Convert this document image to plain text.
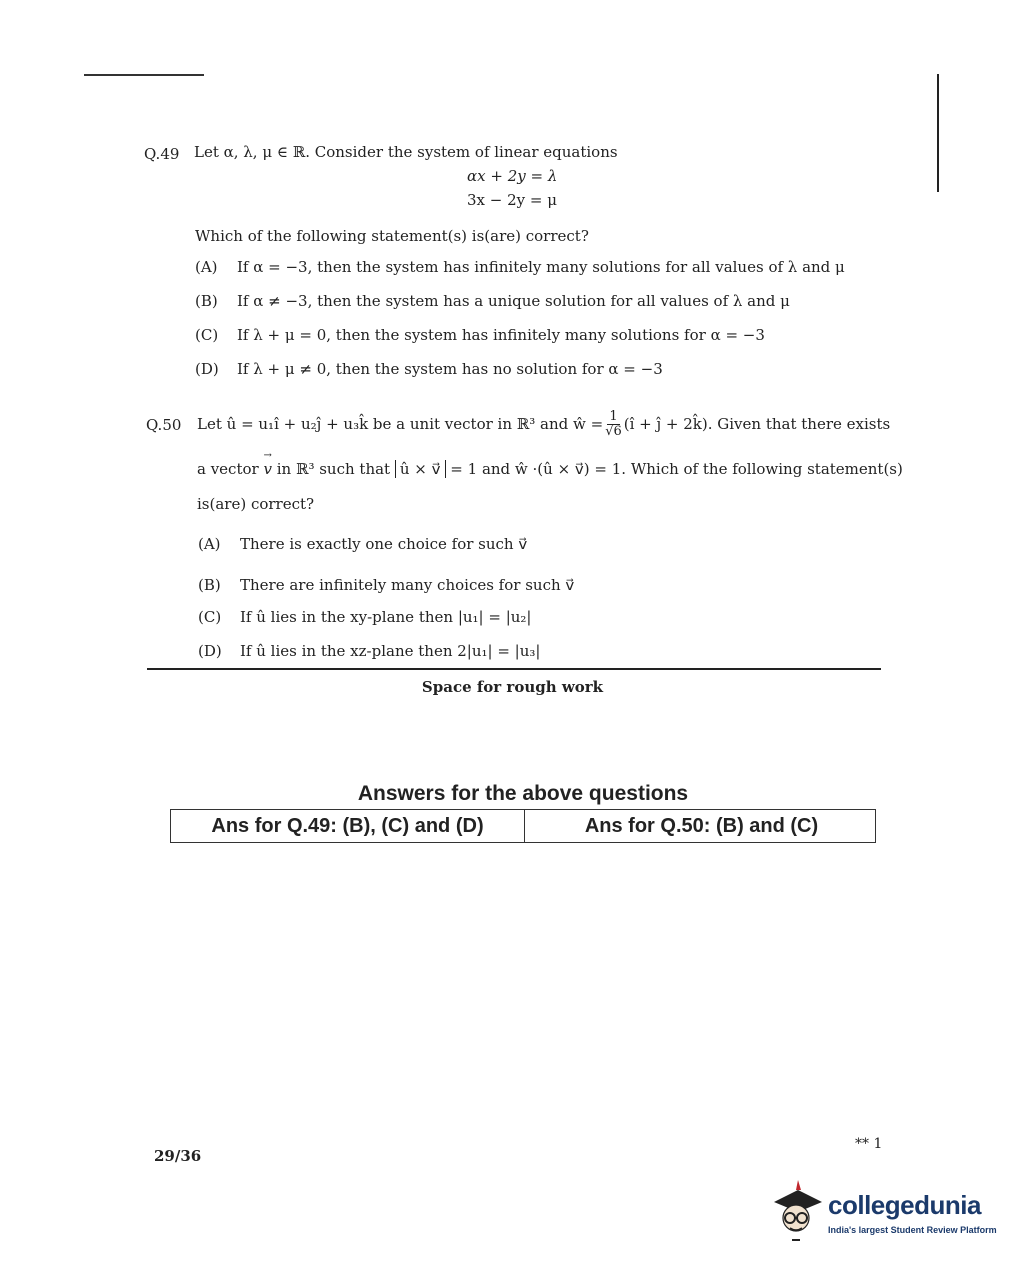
Q.49 Let α, λ, μ ∈ ℝ. Consider the system of linear equations
αx + 2y = λ
3x − 2y = μ
Which of the following statement(s) is(are) correct?
(A) If α = −3, then the system has infinitely many solutions for all values of λ and μ
(B) If α ≠ −3, then the system has a unique solution for all values of λ and μ
(C) If λ + μ = 0, then the system has infinitely many solutions for α = −3
(D) If λ + μ ≠ 0, then the system has no solution for α = −3
Q.50 Let û = u₁î + u₂ĵ + u₃k̂ be a unit vector in ℝ³ and ŵ = $\frac{1}{√6}$ (î + ĵ + 2k̂). Given that there exists
a vector → v in ℝ³ such that û × v⃗ = 1 and ŵ ·(û × v⃗) = 1. Which of the following statement(s)
is(are) correct?
(A) There is exactly one choice for such v⃗
(B) There are infinitely many choices for such v⃗
(C) If û lies in the xy-plane then |u₁| = |u₂|
(D) If û lies in the xz-plane then 2|u₁| = |u₃|
Space for rough work
Answers for the above questions
Ans for Q.49: (B), (C) and (D)	Ans for Q.50: (B) and (C)
29/36
** 1
collegedunia
India's largest Student Review Platform
